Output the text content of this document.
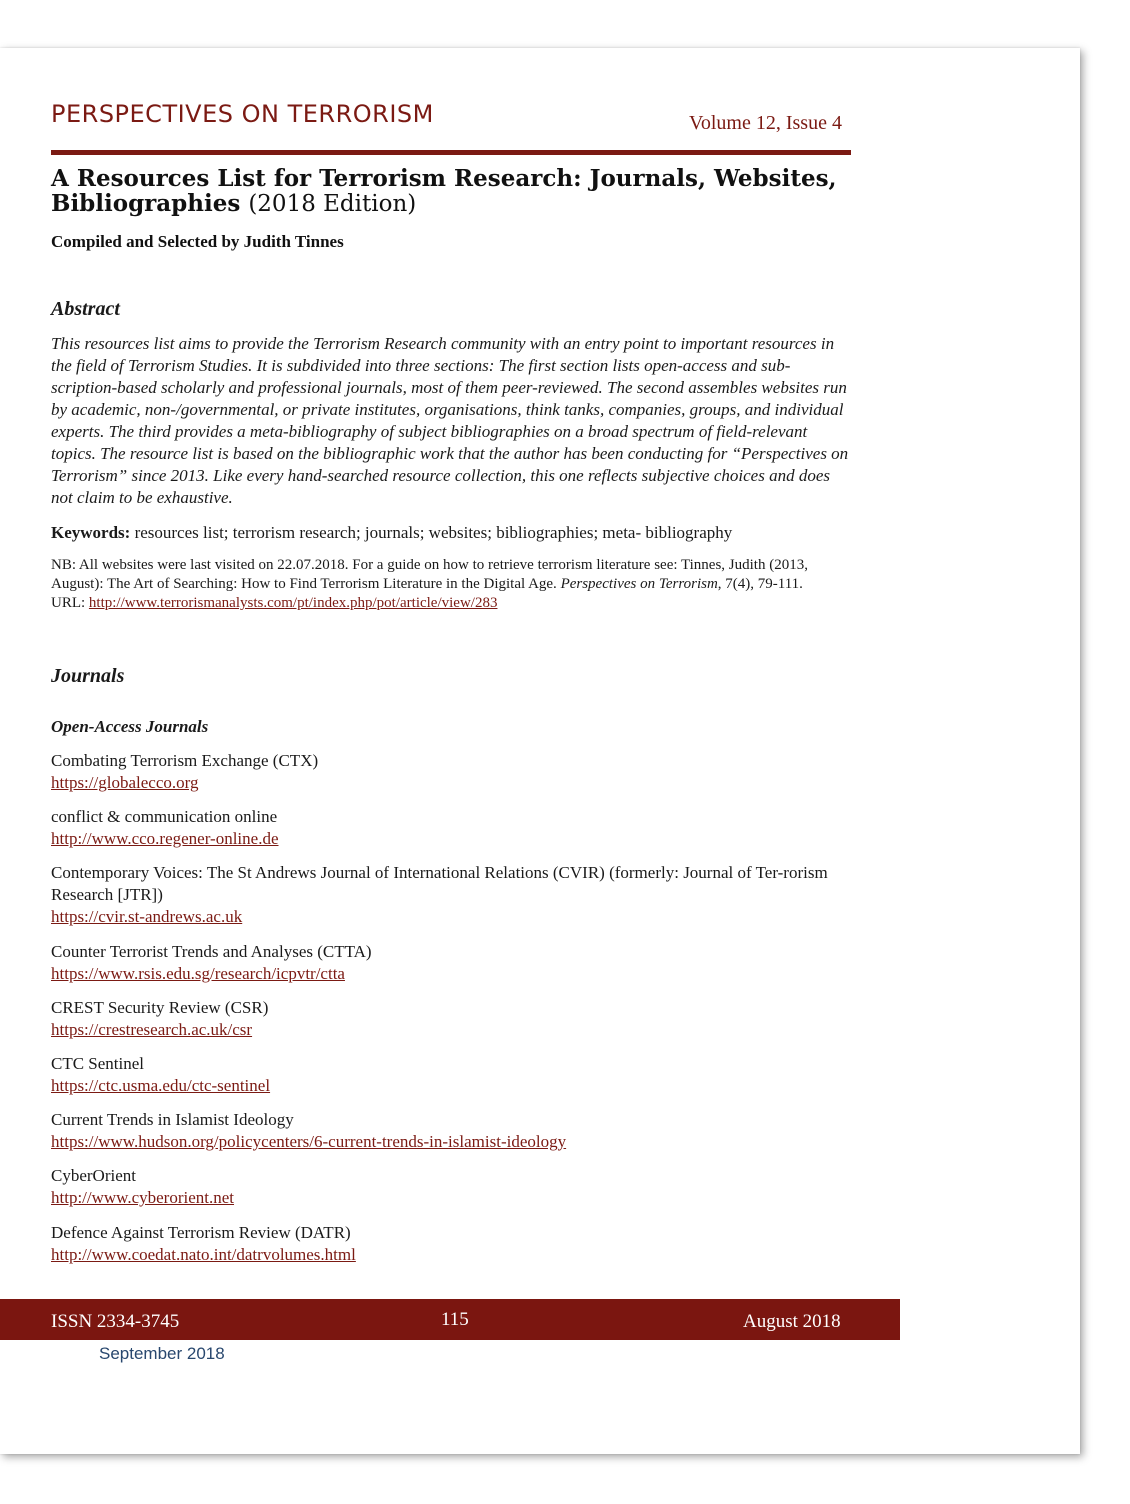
PERSPECTIVES ON TERRORISM	Volume 12, Issue 4
A Resources List for Terrorism Research: Journals, Websites, Bibliographies (2018 Edition)
Compiled and Selected by Judith Tinnes
Abstract
This resources list aims to provide the Terrorism Research community with an entry point to important resources in the field of Terrorism Studies. It is subdivided into three sections: The first section lists open-access and sub-scription-based scholarly and professional journals, most of them peer-reviewed. The second assembles websites run by academic, non-/governmental, or private institutes, organisations, think tanks, companies, groups, and individual experts. The third provides a meta-bibliography of subject bibliographies on a broad spectrum of field-relevant topics. The resource list is based on the bibliographic work that the author has been conducting for “Perspectives on Terrorism” since 2013. Like every hand-searched resource collection, this one reflects subjective choices and does not claim to be exhaustive.
Keywords: resources list; terrorism research; journals; websites; bibliographies; meta- bibliography
NB: All websites were last visited on 22.07.2018. For a guide on how to retrieve terrorism literature see: Tinnes, Judith (2013, August): The Art of Searching: How to Find Terrorism Literature in the Digital Age. Perspectives on Terrorism, 7(4), 79-111.
URL: http://www.terrorismanalysts.com/pt/index.php/pot/article/view/283
Journals
Open-Access Journals
Combating Terrorism Exchange (CTX)
https://globalecco.org
conflict & communication online
http://www.cco.regener-online.de
Contemporary Voices: The St Andrews Journal of International Relations (CVIR) (formerly: Journal of Ter-rorism Research [JTR])
https://cvir.st-andrews.ac.uk
Counter Terrorist Trends and Analyses (CTTA)
https://www.rsis.edu.sg/research/icpvtr/ctta
CREST Security Review (CSR)
https://crestresearch.ac.uk/csr
CTC Sentinel
https://ctc.usma.edu/ctc-sentinel
Current Trends in Islamist Ideology
https://www.hudson.org/policycenters/6-current-trends-in-islamist-ideology
CyberOrient
http://www.cyberorient.net
Defence Against Terrorism Review (DATR)
http://www.coedat.nato.int/datrvolumes.html
ISSN 2334-3745	115	August 2018
September 2018
